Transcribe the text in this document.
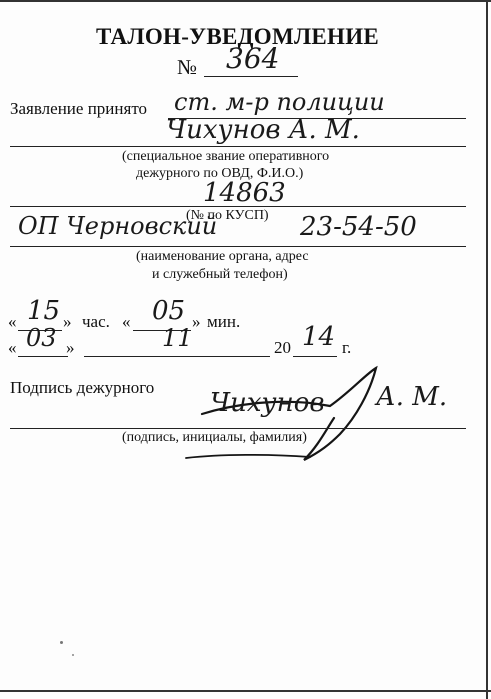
ТАЛОН-УВЕДОМЛЕНИЕ
№ 364
Заявление принято ст. м-р полиции
Чихунов А. М.
(специальное звание оперативного
дежурного по ОВД, Ф.И.О.)
14863
(№ по КУСП)
ОП Черновский	23-54-50
(наименование органа, адрес
и служебный телефон)
« 15 » час. « 05 » мин.
« 03 »	11	20 14 г.
Подпись дежурного
Чихунов А. М.
(подпись, инициалы, фамилия)
